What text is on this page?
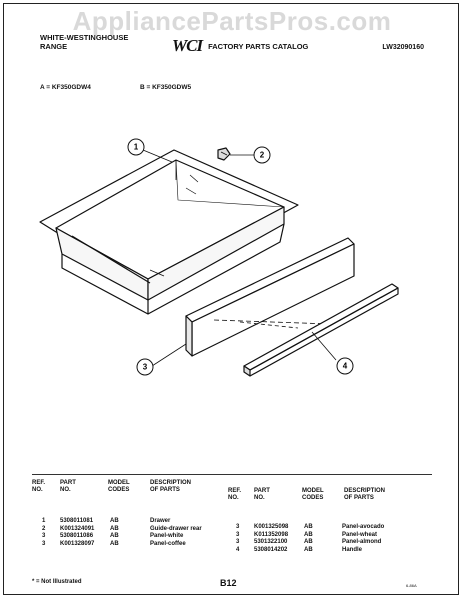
AppliancePartsPros.com
WHITE-WESTINGHOUSE
RANGE	WCI FACTORY PARTS CATALOG	LW32090160
A = KF350GDW4	B = KF350GDW5
1
2
3	4
REF.
NO.
PART
NO.
MODEL
CODES
DESCRIPTION
OF PARTS
1 5308011081	AB	Drawer
2 K001324091	AB	Guide-drawer rear
3 5308011086	AB	Panel-white
3 K001328097	AB	Panel-coffee
REF.
NO.
PART
NO.
MODEL
CODES
DESCRIPTION
OF PARTS
3 K001325098	AB	Panel-avocado
3 K011352098	AB	Panel-wheat
3 5301322100	AB	Panel-almond
4 5308014202	AB	Handle
* = Not Illustrated	B12	6-86A
